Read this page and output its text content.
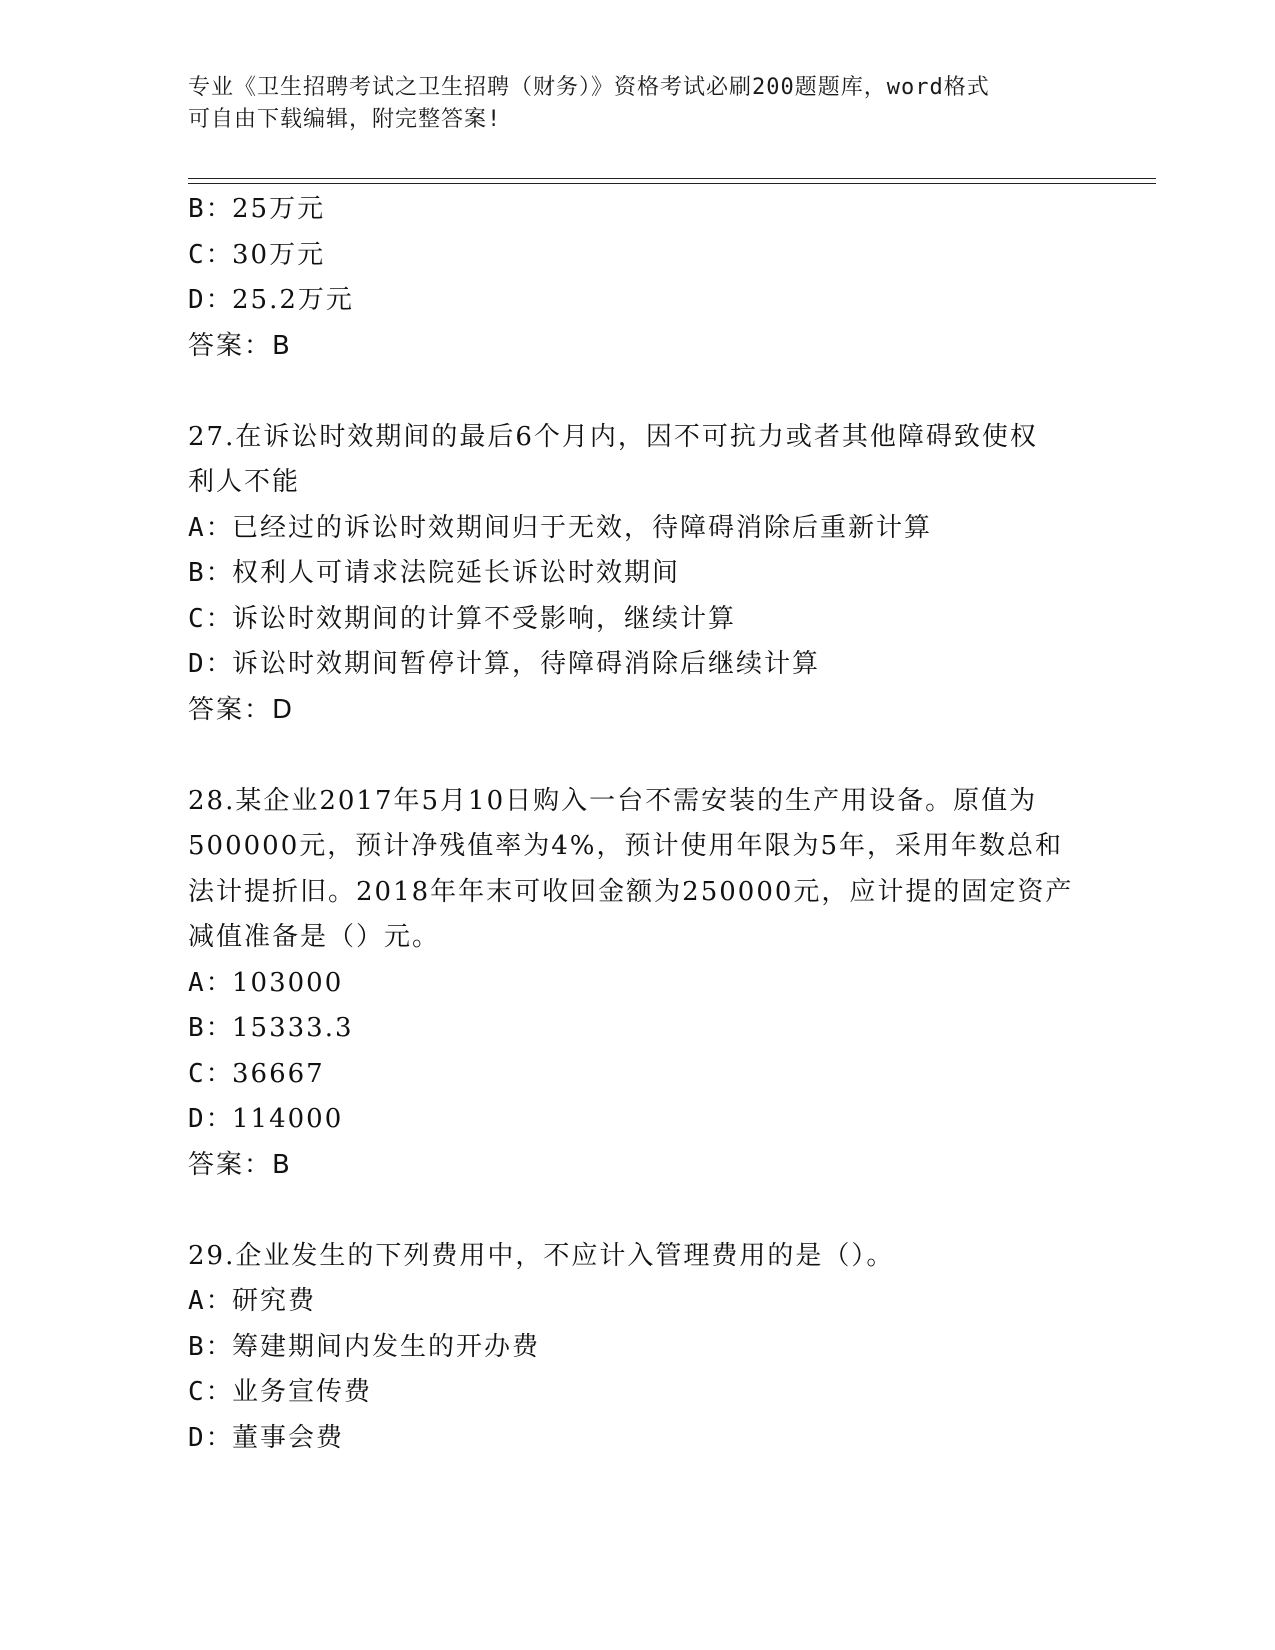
专业《卫生招聘考试之卫生招聘（财务）》资格考试必刷200题题库，word格式
可自由下载编辑，附完整答案!

B：25万元

C：30万元

D：25.2万元

答案：B

27.在诉讼时效期间的最后6个月内，因不可抗力或者其他障碍致使权

利人不能

A：已经过的诉讼时效期间归于无效，待障碍消除后重新计算

B：权利人可请求法院延长诉讼时效期间

C：诉讼时效期间的计算不受影响，继续计算

D：诉讼时效期间暂停计算，待障碍消除后继续计算

答案：D

28.某企业2017年5月10日购入一台不需安装的生产用设备。原值为

500000元，预计净残值率为4%，预计使用年限为5年，采用年数总和

法计提折旧。2018年年末可收回金额为250000元，应计提的固定资产

减值准备是（）元。

A：103000

B：15333.3

C：36667

D：114000

答案：B

29.企业发生的下列费用中，不应计入管理费用的是（）。

A：研究费

B：筹建期间内发生的开办费

C：业务宣传费

D：董事会费
